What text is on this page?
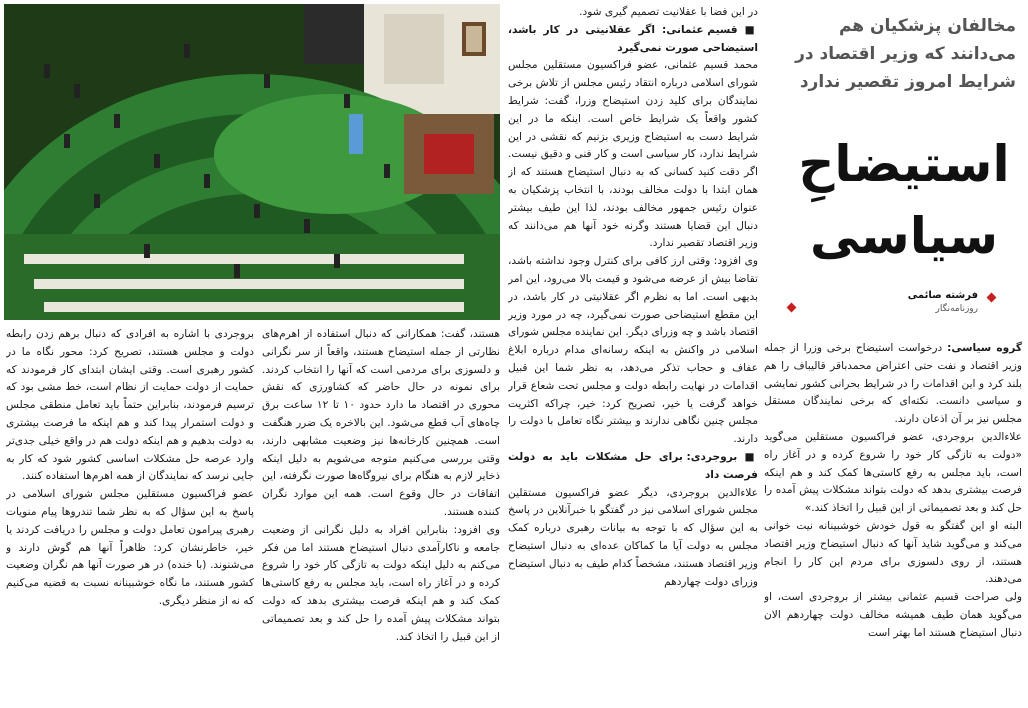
مخالفان پزشکیان هم می‌دانند که وزیر اقتصاد در شرایط امروز تقصیر ندارد
استیضاحِ
سیاسی
فرشته صائمی
روزنامه‌نگار

گروه سیاسی: درخواست استیضاح برخی وزرا از جمله وزیر اقتصاد و نفت حتی اعتراض محمدباقر قالیباف را هم بلند کرد و این اقدامات را در شرایط بحرانی کشور نمایشی و سیاسی دانست. نکته‌ای که برخی نمایندگان مستقل مجلس نیز بر آن اذعان دارند.

علاءالدین بروجردی، عضو فراکسیون مستقلین می‌گوید «دولت به تازگی کار خود را شروع کرده و در آغاز راه است، باید مجلس به رفع کاستی‌ها کمک کند و هم اینکه فرصت بیشتری بدهد که دولت بتواند مشکلات پیش آمده را حل کند و بعد تصمیماتی از این قبیل را اتخاذ کند.»

البته او این گفتگو به قول خودش خوشبینانه نیت خوانی می‌کند و می‌گوید شاید آنها که دنبال استیضاح وزیر اقتصاد هستند، از روی دلسوزی برای مردم این کار را انجام می‌دهند.

ولی صراحت قسیم عثمانی بیشتر از بروجردی است، او می‌گوید همان طیف همیشه مخالف دولت چهاردهم الان دنبال استیضاح هستند اما بهتر است

در این فضا با عقلانیت تصمیم گیری شود.

■ قسیم عثمانی: اگر عقلانیتی در کار باشد، استیضاحی صورت نمی‌گیرد

محمد قسیم عثمانی، عضو فراکسیون مستقلین مجلس شورای اسلامی درباره انتقاد رئیس مجلس از تلاش برخی نمایندگان برای کلید زدن استیضاح وزرا، گفت: شرایط کشور واقعاً یک شرایط خاص است. اینکه ما در این شرایط دست به استیضاح وزیری بزنیم که نقشی در این شرایط ندارد، کار سیاسی است و کار فنی و دقیق نیست. اگر دقت کنید کسانی که به دنبال استیضاح هستند که از همان ابتدا با دولت مخالف بودند، با انتخاب پزشکیان به عنوان رئیس جمهور مخالف بودند، لذا این طیف بیشتر دنبال این قضایا هستند وگرنه خود آنها هم می‌دانند که وزیر اقتصاد تقصیر ندارد.

وی افزود: وقتی ارز کافی برای کنترل وجود نداشته باشد، تقاضا بیش از عرضه می‌شود و قیمت بالا می‌رود، این امر بدیهی است. اما به نظرم اگر عقلانیتی در کار باشد، در این مقطع استیضاحی صورت نمی‌گیرد، چه در مورد وزیر اقتصاد باشد و چه وزرای دیگر. این نماینده مجلس شورای اسلامی در واکنش به اینکه رسانه‌ای مدام درباره ابلاغ عفاف و حجاب تذکر می‌دهد، به نظر شما این قبیل اقدامات در نهایت رابطه دولت و مجلس تحت شعاع قرار خواهد گرفت یا خیر، تصریح کرد: خیر، چراکه اکثریت مجلس چنین نگاهی ندارند و بیشتر نگاه تعامل با دولت را دارند.

■ بروجردی: برای حل مشکلات باید به دولت فرصت داد

علاءالدین بروجردی، دیگر عضو فراکسیون مستقلین مجلس شورای اسلامی نیز در گفتگو با خبرآنلاین در پاسخ به این سؤال که با توجه به بیانات رهبری درباره کمک مجلس به دولت آیا ما کماکان عده‌ای به دنبال استیضاح وزیر اقتصاد هستند، مشخصاً کدام طیف به دنبال استیضاح وزرای دولت چهاردهم

هستند، گفت: همکارانی که دنبال استفاده از اهرم‌های نظارتی از جمله استیضاح هستند، واقعاً از سر نگرانی و دلسوزی برای مردمی است که آنها را انتخاب کردند. برای نمونه در حال حاضر که کشاورزی که نقش محوری در اقتصاد ما دارد حدود ۱۰ تا ۱۲ ساعت برق چاه‌های آب قطع می‌شود. این بالاخره یک ضرر هنگفت است. همچنین کارخانه‌ها نیز وضعیت مشابهی دارند، وقتی بررسی می‌کنیم متوجه می‌شویم به دلیل اینکه ذخایر لازم به هنگام برای نیروگاه‌ها صورت نگرفته، این اتفاقات در حال وقوع است. همه این موارد نگران کننده هستند.

وی افزود: بنابراین افراد به دلیل نگرانی از وضعیت جامعه و ناکارآمدی دنبال استیضاح هستند اما من فکر می‌کنم به دلیل اینکه دولت به تازگی کار خود را شروع کرده و در آغاز راه است، باید مجلس به رفع کاستی‌ها کمک کند و هم اینکه فرصت بیشتری بدهد که دولت بتواند مشکلات پیش آمده را حل کند و بعد تصمیماتی از این قبیل را اتخاذ کند.

بروجردی با اشاره به افرادی که دنبال برهم زدن رابطه دولت و مجلس هستند، تصریح کرد: محور نگاه ما در کشور رهبری است. وقتی ایشان ابتدای کار فرمودند که حمایت از دولت حمایت از نظام است، خط مشی بود که ترسیم فرمودند، بنابراین حتماً باید تعامل منطقی مجلس و دولت استمرار پیدا کند و هم اینکه ما فرصت بیشتری به دولت بدهیم و هم اینکه دولت هم در واقع خیلی جدی‌تر وارد عرصه حل مشکلات اساسی کشور شود که کار به جایی نرسد که نمایندگان از همه اهرم‌ها استفاده کنند.

عضو فراکسیون مستقلین مجلس شورای اسلامی در پاسخ به این سؤال که به نظر شما تندروها پیام منویات رهبری پیرامون تعامل دولت و مجلس را دریافت کردند یا خیر، خاطرنشان کرد: ظاهراً آنها هم گوش دارند و می‌شنوند. (با خنده) در هر صورت آنها هم نگران وضعیت کشور هستند، ما نگاه خوشبینانه نسبت به قضیه می‌کنیم که نه از منظر دیگری.
